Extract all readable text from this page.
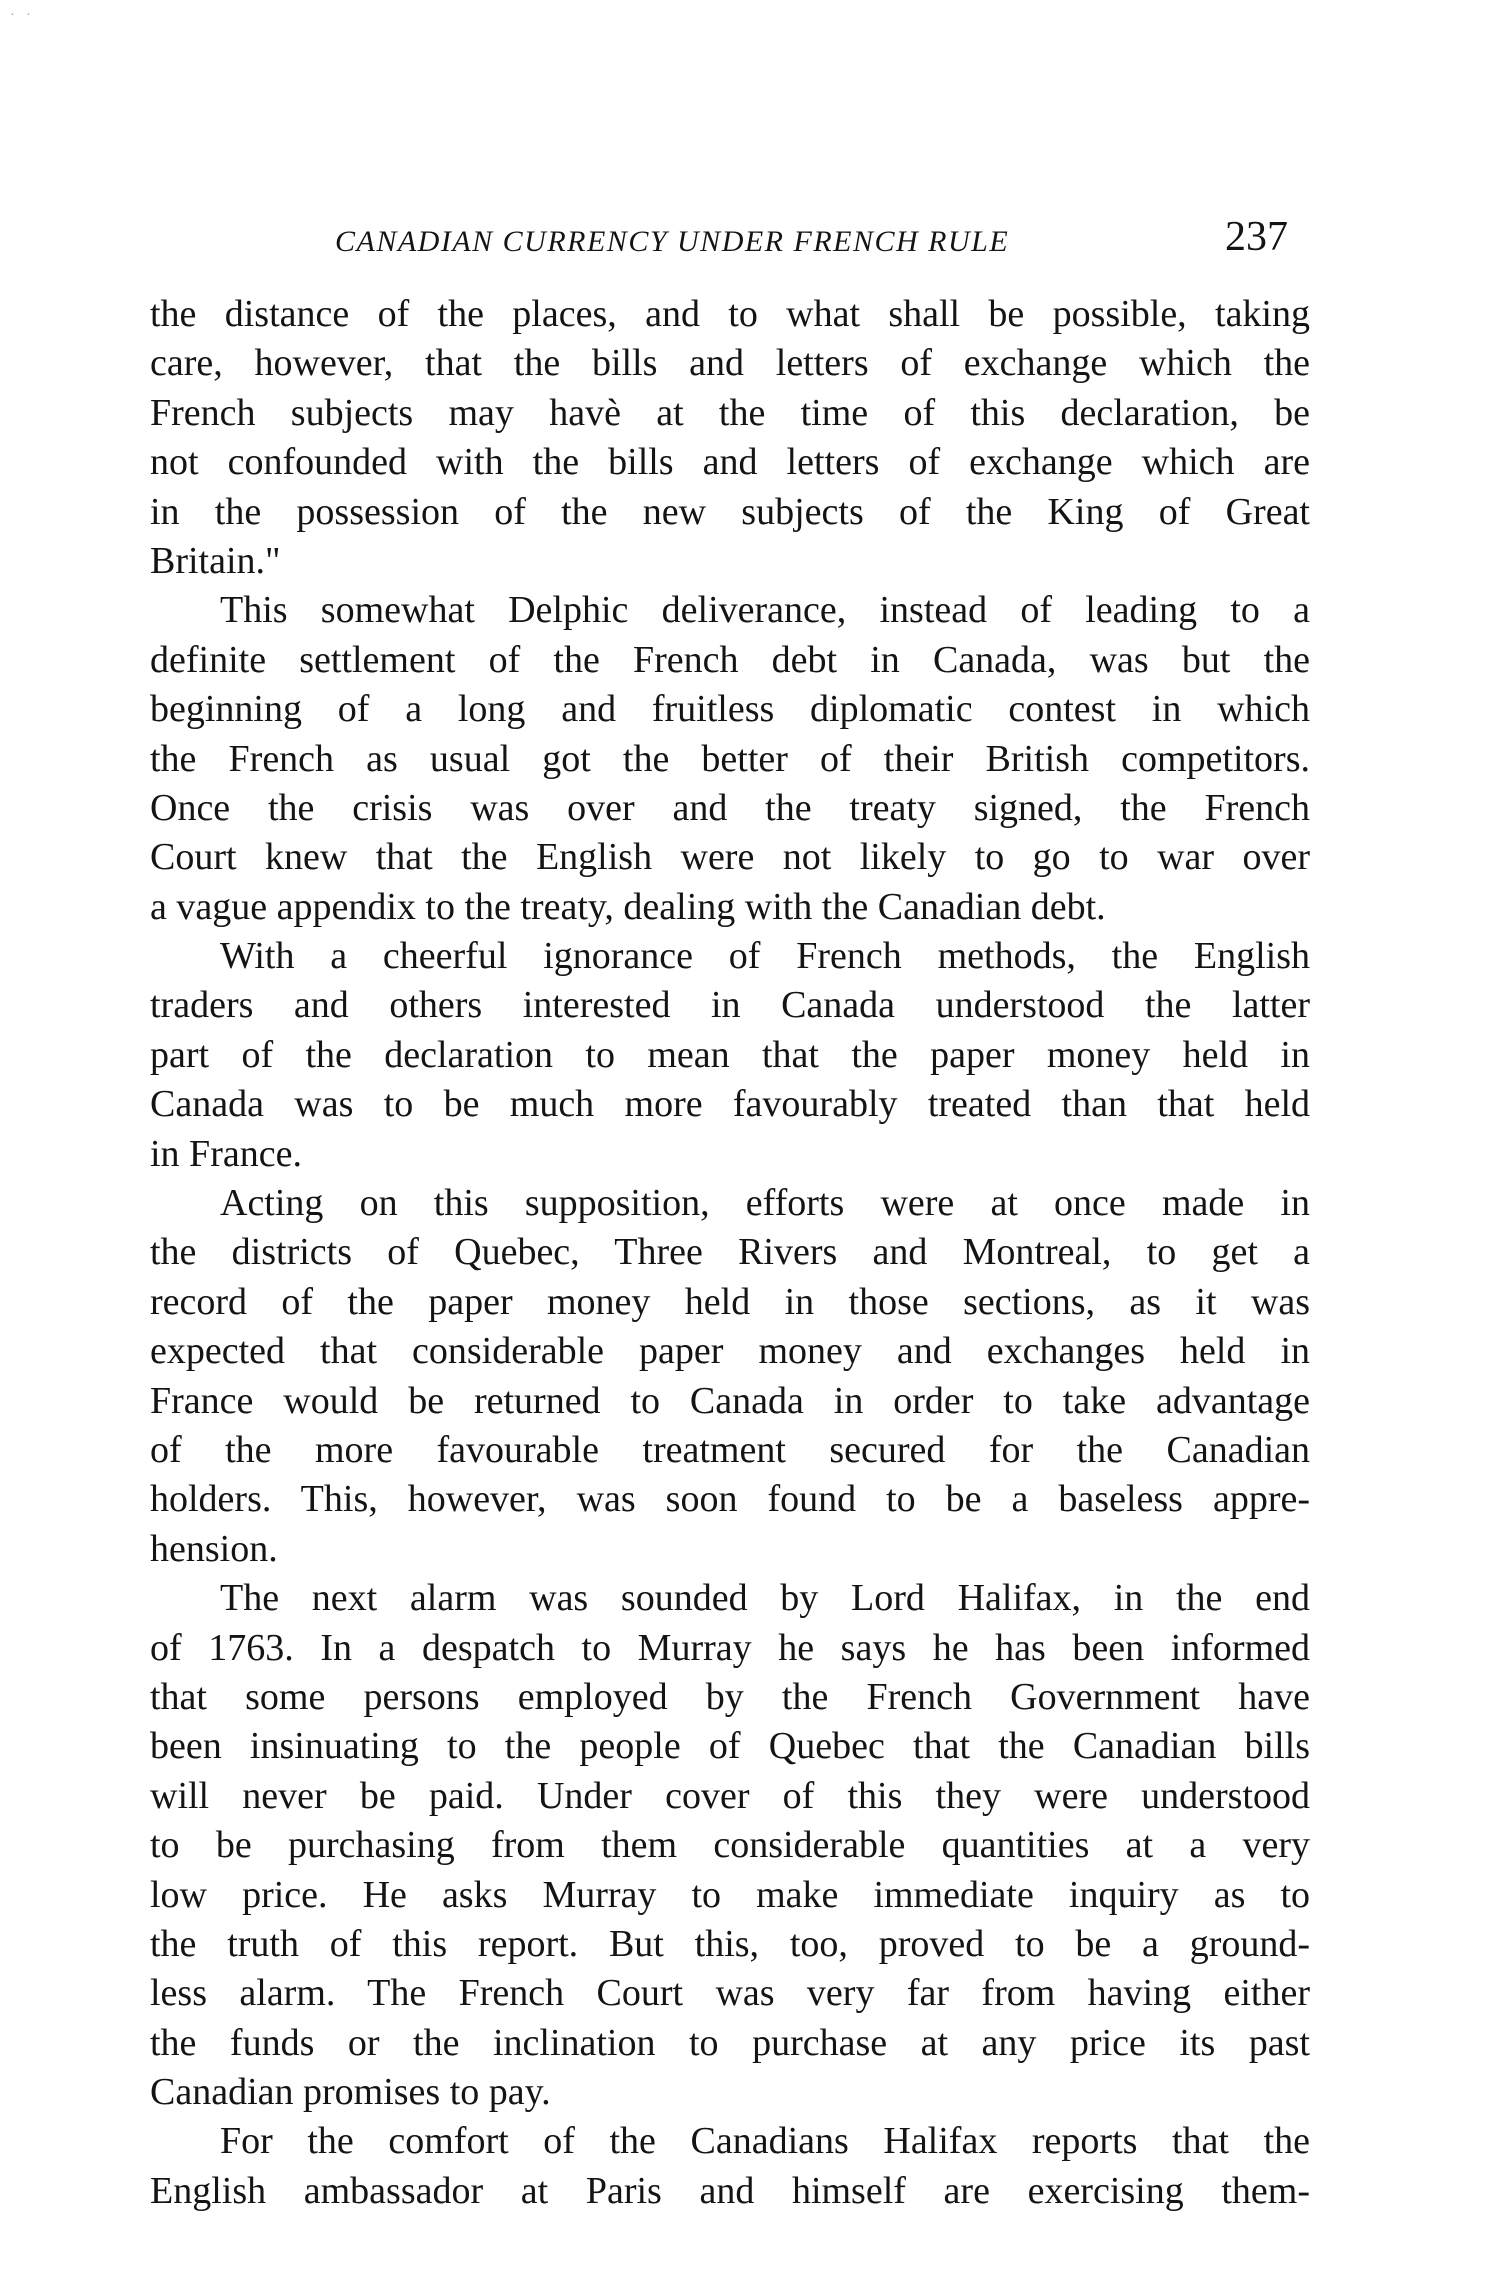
· ·
CANADIAN CURRENCY UNDER FRENCH RULE	237
the distance of the places, and to what shall be possible, taking
care, however, that the bills and letters of exchange which the
French subjects may havè at the time of this declaration, be
not confounded with the bills and letters of exchange which are
in the possession of the new subjects of the King of Great
Britain."
This somewhat Delphic deliverance, instead of leading to a
definite settlement of the French debt in Canada, was but the
beginning of a long and fruitless diplomatic contest in which
the French as usual got the better of their British competitors.
Once the crisis was over and the treaty signed, the French
Court knew that the English were not likely to go to war over
a vague appendix to the treaty, dealing with the Canadian debt.
With a cheerful ignorance of French methods, the English
traders and others interested in Canada understood the latter
part of the declaration to mean that the paper money held in
Canada was to be much more favourably treated than that held
in France.
Acting on this supposition, efforts were at once made in
the districts of Quebec, Three Rivers and Montreal, to get a
record of the paper money held in those sections, as it was
expected that considerable paper money and exchanges held in
France would be returned to Canada in order to take advantage
of the more favourable treatment secured for the Canadian
holders. This, however, was soon found to be a baseless appre-
hension.
The next alarm was sounded by Lord Halifax, in the end
of 1763. In a despatch to Murray he says he has been informed
that some persons employed by the French Government have
been insinuating to the people of Quebec that the Canadian bills
will never be paid. Under cover of this they were understood
to be purchasing from them considerable quantities at a very
low price. He asks Murray to make immediate inquiry as to
the truth of this report. But this, too, proved to be a ground-
less alarm. The French Court was very far from having either
the funds or the inclination to purchase at any price its past
Canadian promises to pay.
For the comfort of the Canadians Halifax reports that the
English ambassador at Paris and himself are exercising them-
